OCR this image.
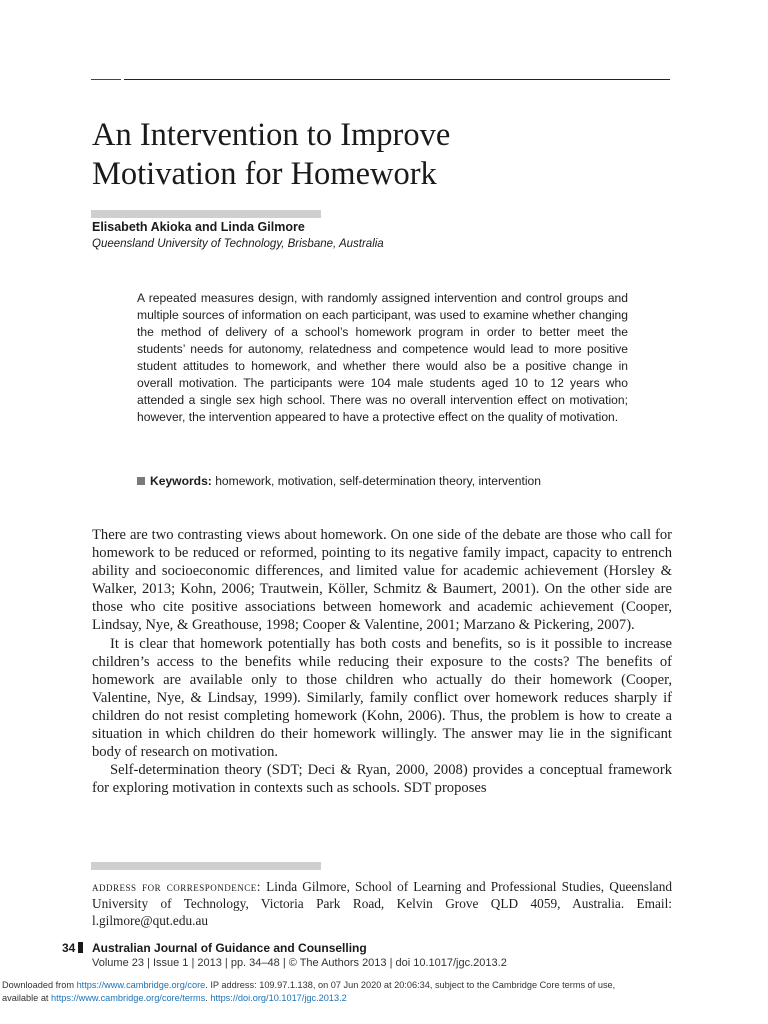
An Intervention to Improve
Motivation for Homework
Elisabeth Akioka and Linda Gilmore
Queensland University of Technology, Brisbane, Australia

A repeated measures design, with randomly assigned intervention and control groups and multiple sources of information on each participant, was used to examine whether changing the method of delivery of a school’s homework program in order to better meet the students’ needs for autonomy, relatedness and competence would lead to more positive student attitudes to homework, and whether there would also be a positive change in overall motivation. The participants were 104 male students aged 10 to 12 years who attended a single sex high school. There was no overall intervention effect on motivation; however, the intervention appeared to have a protective effect on the quality of motivation.

Keywords: homework, motivation, self-determination theory, intervention

There are two contrasting views about homework. On one side of the debate are those who call for homework to be reduced or reformed, pointing to its negative family impact, capacity to entrench ability and socioeconomic differences, and limited value for academic achievement (Horsley & Walker, 2013; Kohn, 2006; Trautwein, Köller, Schmitz & Baumert, 2001). On the other side are those who cite positive associations between homework and academic achievement (Cooper, Lindsay, Nye, & Greathouse, 1998; Cooper & Valentine, 2001; Marzano & Pickering, 2007).

It is clear that homework potentially has both costs and benefits, so is it possible to increase children’s access to the benefits while reducing their exposure to the costs? The benefits of homework are available only to those children who actually do their homework (Cooper, Valentine, Nye, & Lindsay, 1999). Similarly, family conflict over homework reduces sharply if children do not resist completing homework (Kohn, 2006). Thus, the problem is how to create a situation in which children do their homework willingly. The answer may lie in the significant body of research on motivation.

Self-determination theory (SDT; Deci & Ryan, 2000, 2008) provides a conceptual framework for exploring motivation in contexts such as schools. SDT proposes

address for correspondence: Linda Gilmore, School of Learning and Professional Studies, Queensland University of Technology, Victoria Park Road, Kelvin Grove QLD 4059, Australia. Email: l.gilmore@qut.edu.au

34	Australian Journal of Guidance and Counselling
Volume 23 | Issue 1 | 2013 | pp. 34–48 | © The Authors 2013 | doi 10.1017/jgc.2013.2
Downloaded from https://www.cambridge.org/core. IP address: 109.97.1.138, on 07 Jun 2020 at 20:06:34, subject to the Cambridge Core terms of use,
available at https://www.cambridge.org/core/terms. https://doi.org/10.1017/jgc.2013.2
